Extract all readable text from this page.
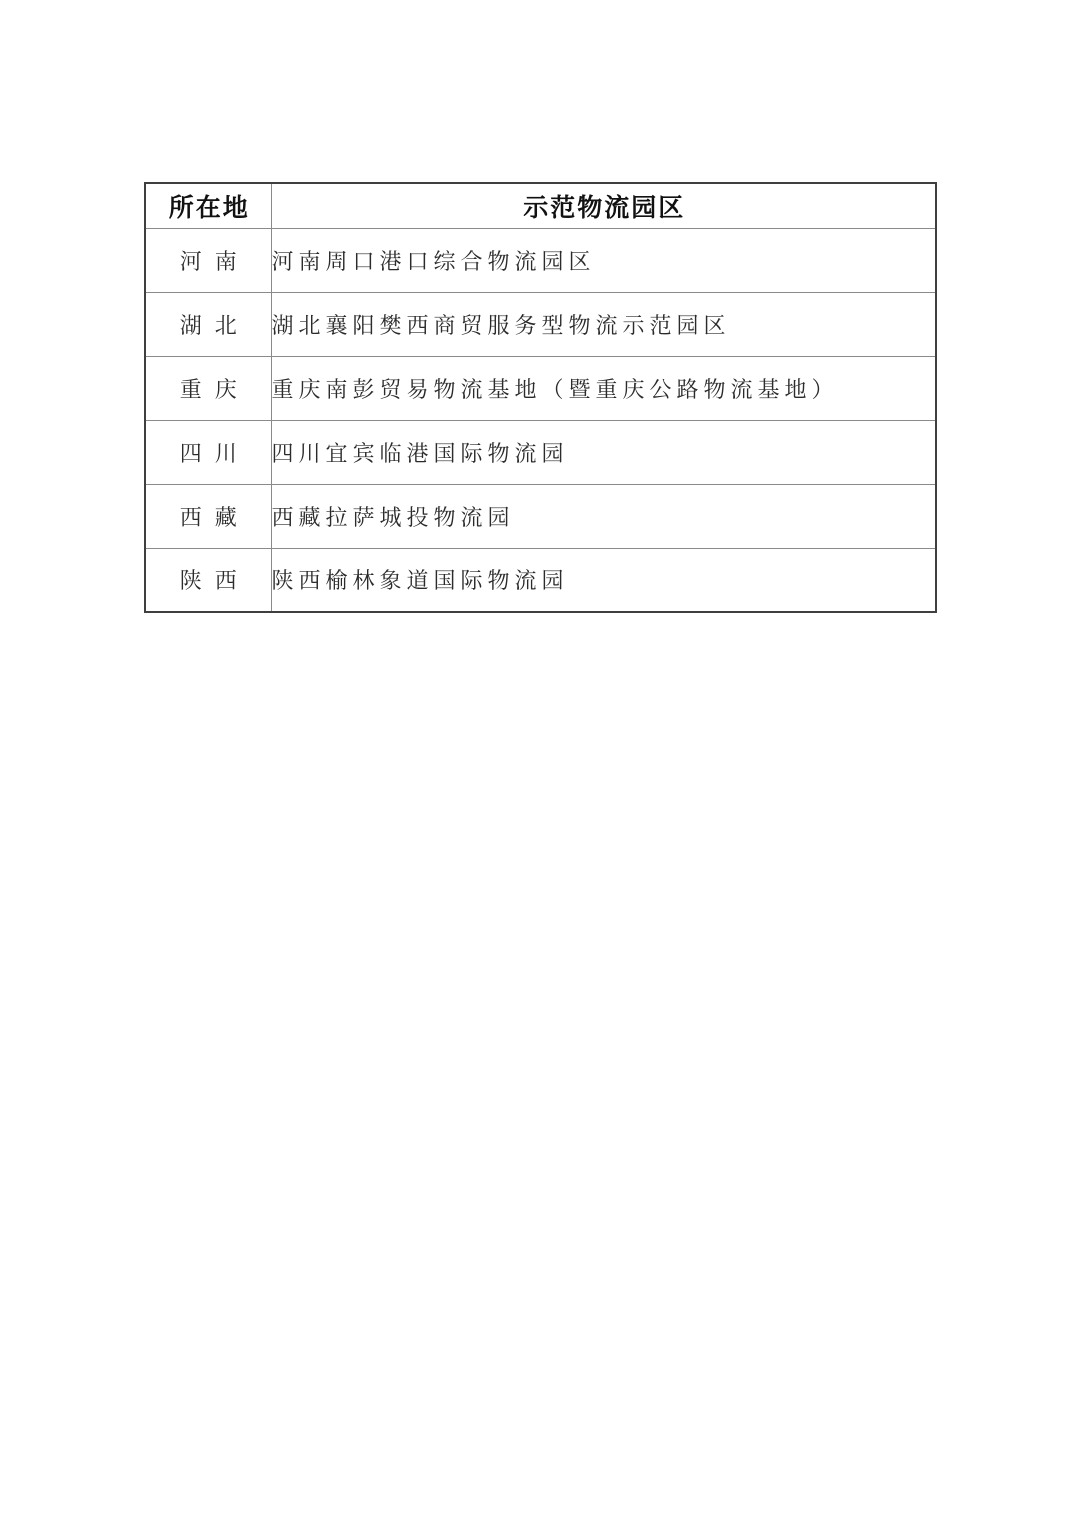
所在地	示范物流园区
河南	河南周口港口综合物流园区
湖北	湖北襄阳樊西商贸服务型物流示范园区
重庆	重庆南彭贸易物流基地（暨重庆公路物流基地）
四川	四川宜宾临港国际物流园
西藏	西藏拉萨城投物流园
陕西	陕西榆林象道国际物流园
